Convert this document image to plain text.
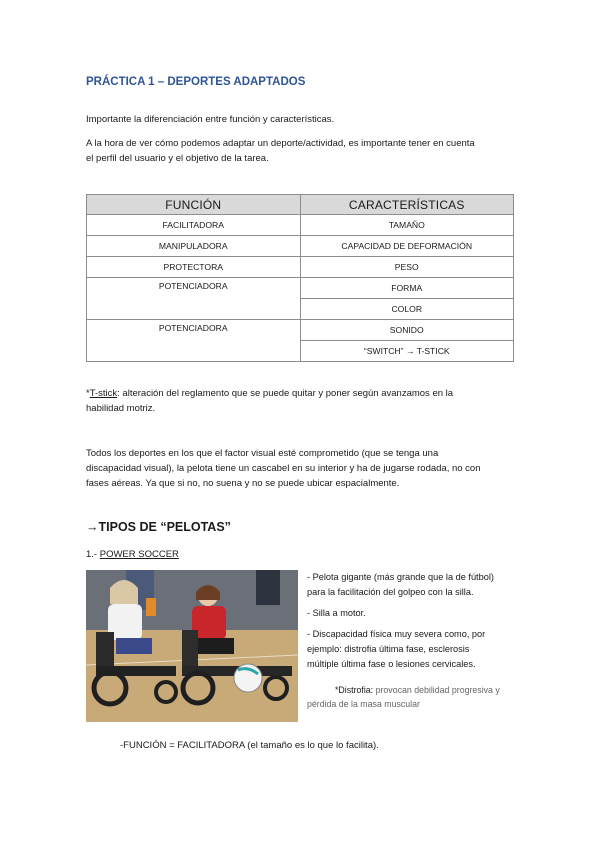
PRÁCTICA 1 – DEPORTES ADAPTADOS
Importante la diferenciación entre función y características.
A la hora de ver cómo podemos adaptar un deporte/actividad, es importante tener en cuenta
el perfil del usuario y el objetivo de la tarea.
FUNCIÓN	CARACTERÍSTICAS
FACILITADORA	TAMAÑO
MANIPULADORA	CAPACIDAD DE DEFORMACIÓN
PROTECTORA	PESO
POTENCIADORA	FORMA
	COLOR
POTENCIADORA	SONIDO
	“SWITCH” → T-STICK
*T-stick: alteración del reglamento que se puede quitar y poner según avanzamos en la
habilidad motriz.
Todos los deportes en los que el factor visual esté comprometido (que se tenga una
discapacidad visual), la pelota tiene un cascabel en su interior y ha de jugarse rodada, no con
fases aéreas. Ya que si no, no suena y no se puede ubicar espacialmente.
→TIPOS DE “PELOTAS”
1.- POWER SOCCER

- Pelota gigante (más grande que la de fútbol)
para la facilitación del golpeo con la silla.

- Silla a motor.

- Discapacidad física muy severa como, por
ejemplo: distrofia última fase, esclerosis
múltiple última fase o lesiones cervicales.

*Distrofia: provocan debilidad progresiva y
pérdida de la masa muscular
-FUNCIÓN = FACILITADORA (el tamaño es lo que lo facilita).
